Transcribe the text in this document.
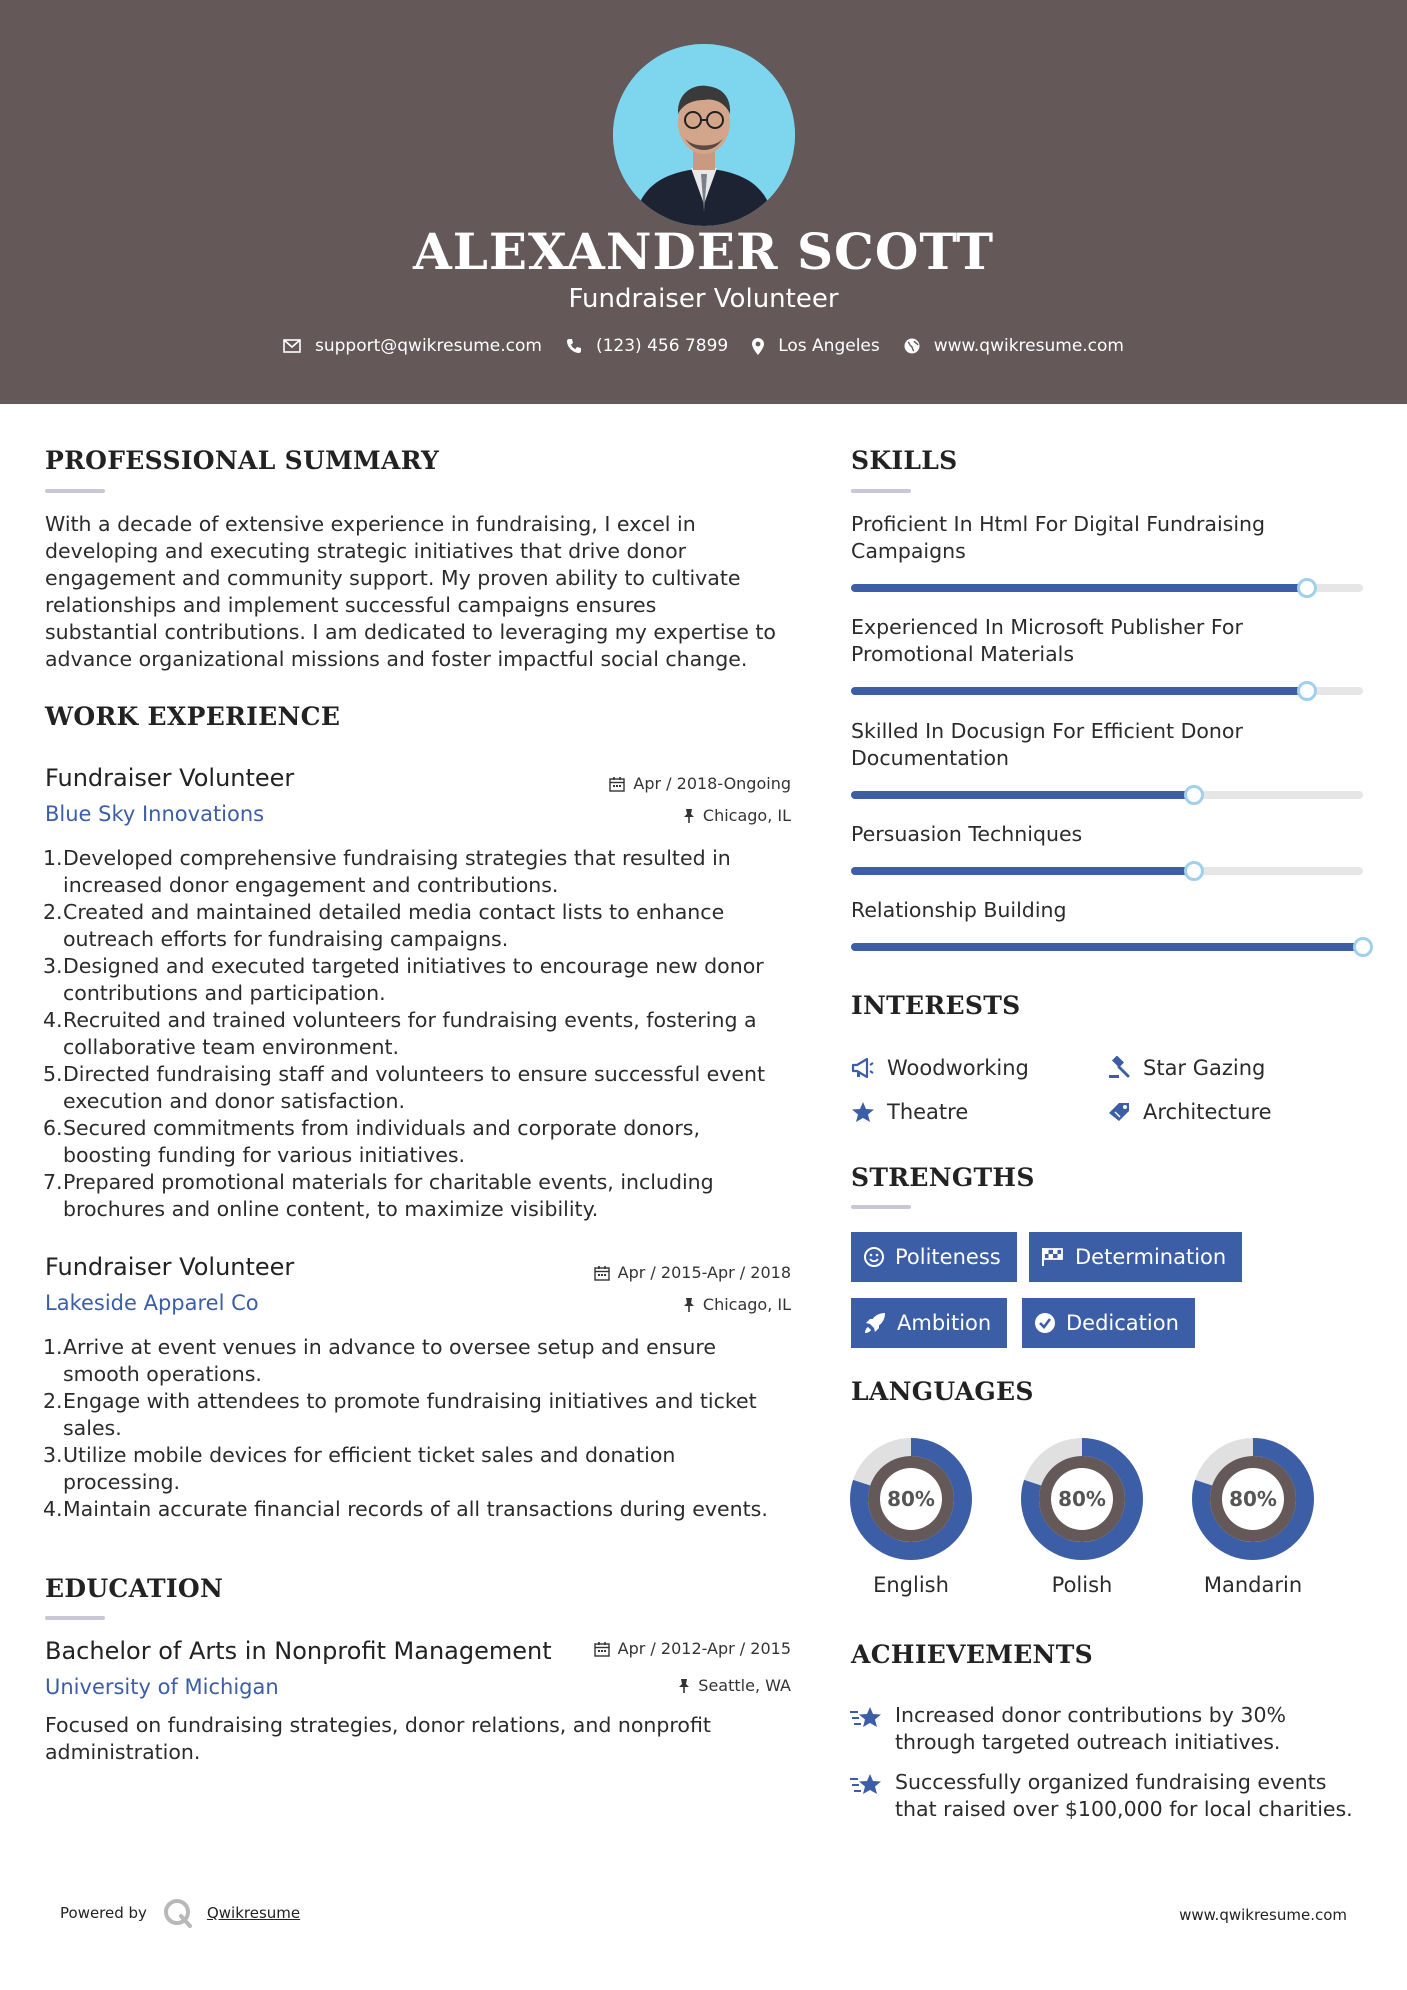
ALEXANDER SCOTT
Fundraiser Volunteer
support@qwikresume.com	(123) 456 7899	Los Angeles	www.qwikresume.com
PROFESSIONAL SUMMARY
With a decade of extensive experience in fundraising, I excel in
developing and executing strategic initiatives that drive donor
engagement and community support. My proven ability to cultivate
relationships and implement successful campaigns ensures
substantial contributions. I am dedicated to leveraging my expertise to
advance organizational missions and foster impactful social change.
WORK EXPERIENCE
Fundraiser Volunteer
Blue Sky Innovations
Apr / 2018-Ongoing
Chicago, IL
1. Developed comprehensive fundraising strategies that resulted in
increased donor engagement and contributions.
2. Created and maintained detailed media contact lists to enhance
outreach efforts for fundraising campaigns.
3. Designed and executed targeted initiatives to encourage new donor
contributions and participation.
4. Recruited and trained volunteers for fundraising events, fostering a
collaborative team environment.
5. Directed fundraising staff and volunteers to ensure successful event
execution and donor satisfaction.
6. Secured commitments from individuals and corporate donors,
boosting funding for various initiatives.
7. Prepared promotional materials for charitable events, including
brochures and online content, to maximize visibility.
Fundraiser Volunteer
Lakeside Apparel Co
Apr / 2015-Apr / 2018
Chicago, IL
1. Arrive at event venues in advance to oversee setup and ensure
smooth operations.
2. Engage with attendees to promote fundraising initiatives and ticket
sales.
3. Utilize mobile devices for efficient ticket sales and donation
processing.
4. Maintain accurate financial records of all transactions during events.
EDUCATION
Bachelor of Arts in Nonprofit Management
University of Michigan
Apr / 2012-Apr / 2015
Seattle, WA
Focused on fundraising strategies, donor relations, and nonprofit
administration.
SKILLS
Proficient In Html For Digital Fundraising
Campaigns
Experienced In Microsoft Publisher For
Promotional Materials
Skilled In Docusign For Efficient Donor
Documentation
Persuasion Techniques
Relationship Building
INTERESTS
Woodworking	Star Gazing
Theatre	Architecture
STRENGTHS
Politeness	Determination
Ambition	Dedication
LANGUAGES
80%
English
80%
Polish
80%
Mandarin
ACHIEVEMENTS
Increased donor contributions by 30%
through targeted outreach initiatives.
Successfully organized fundraising events
that raised over $100,000 for local charities.
Powered by	Qwikresume	www.qwikresume.com
